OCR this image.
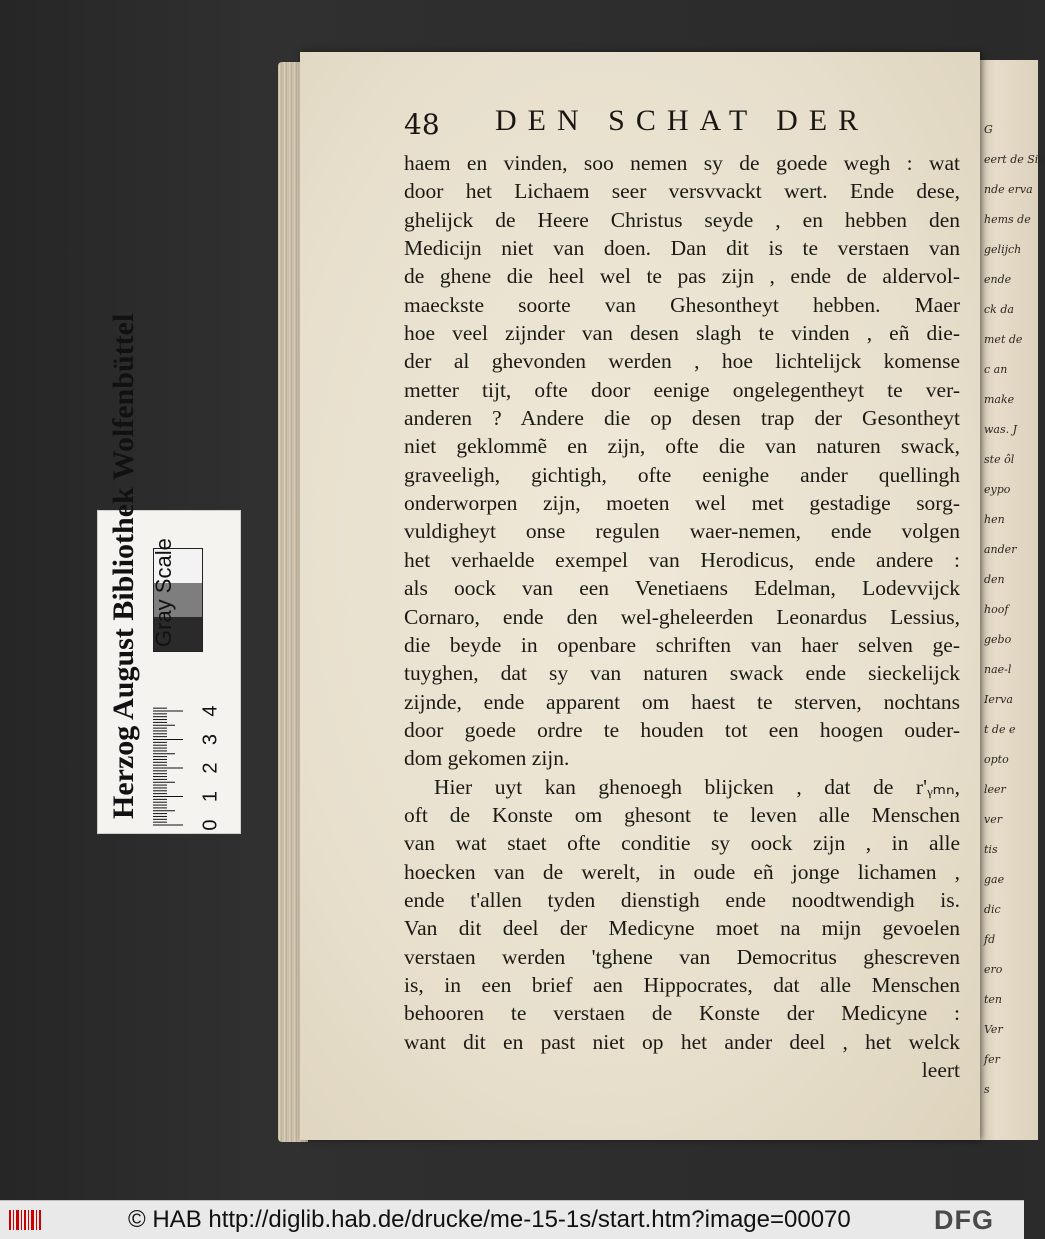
G
eert de Sie
nde erva
hems de
gelijch
ende
ck da
met de
c an
make
was. J
ste ôl
eypo
hen
ander
den
hoof
gebo
nae-l
Ierva
t de e
opto
leer
ver
tis
gae
dic
fd
ero
ten
Ver
fer
s
48 DEN SCHAT DER
haem en vinden, soo nemen sy de goede wegh : wat
door het Lichaem seer versvvackt wert. Ende dese,
ghelijck de Heere Christus seyde , en hebben den
Medicijn niet van doen. Dan dit is te verstaen van
de ghene die heel wel te pas zijn , ende de aldervol-
maeckste soorte van Ghesontheyt hebben. Maer
hoe veel zijnder van desen slagh te vinden , eñ die-
der al ghevonden werden , hoe lichtelijck komense
metter tijt, ofte door eenige ongelegentheyt te ver-
anderen ? Andere die op desen trap der Gesontheyt
niet geklommẽ en zijn, ofte die van naturen swack,
graveeligh, gichtigh, ofte eenighe ander quellingh
onderworpen zijn, moeten wel met gestadige sorg-
vuldigheyt onse regulen waer-nemen, ende volgen
het verhaelde exempel van Herodicus, ende andere :
als oock van een Venetiaens Edelman, Lodevvijck
Cornaro, ende den wel-gheleerden Leonardus Lessius,
die beyde in openbare schriften van haer selven ge-
tuyghen, dat sy van naturen swack ende sieckelijck
zijnde, ende apparent om haest te sterven, nochtans
door goede ordre te houden tot een hoogen ouder-
dom gekomen zijn.
Hier uyt kan ghenoegh blijcken , dat de r'ᵧₘₙ,
oft de Konste om ghesont te leven alle Menschen
van wat staet ofte conditie sy oock zijn , in alle
hoecken van de werelt, in oude eñ jonge lichamen ,
ende t'allen tyden dienstigh ende noodtwendigh is.
Van dit deel der Medicyne moet na mijn gevoelen
verstaen werden 'tghene van Democritus ghescreven
is, in een brief aen Hippocrates, dat alle Menschen
behooren te verstaen de Konste der Medicyne :
want dit en past niet op het ander deel , het welck
leert
Herzog August Bibliothek Wolfenbüttel Gray Scale
0
1
2
3
4
© HAB http://diglib.hab.de/drucke/me-15-1s/start.htm?image=00070	DFG
